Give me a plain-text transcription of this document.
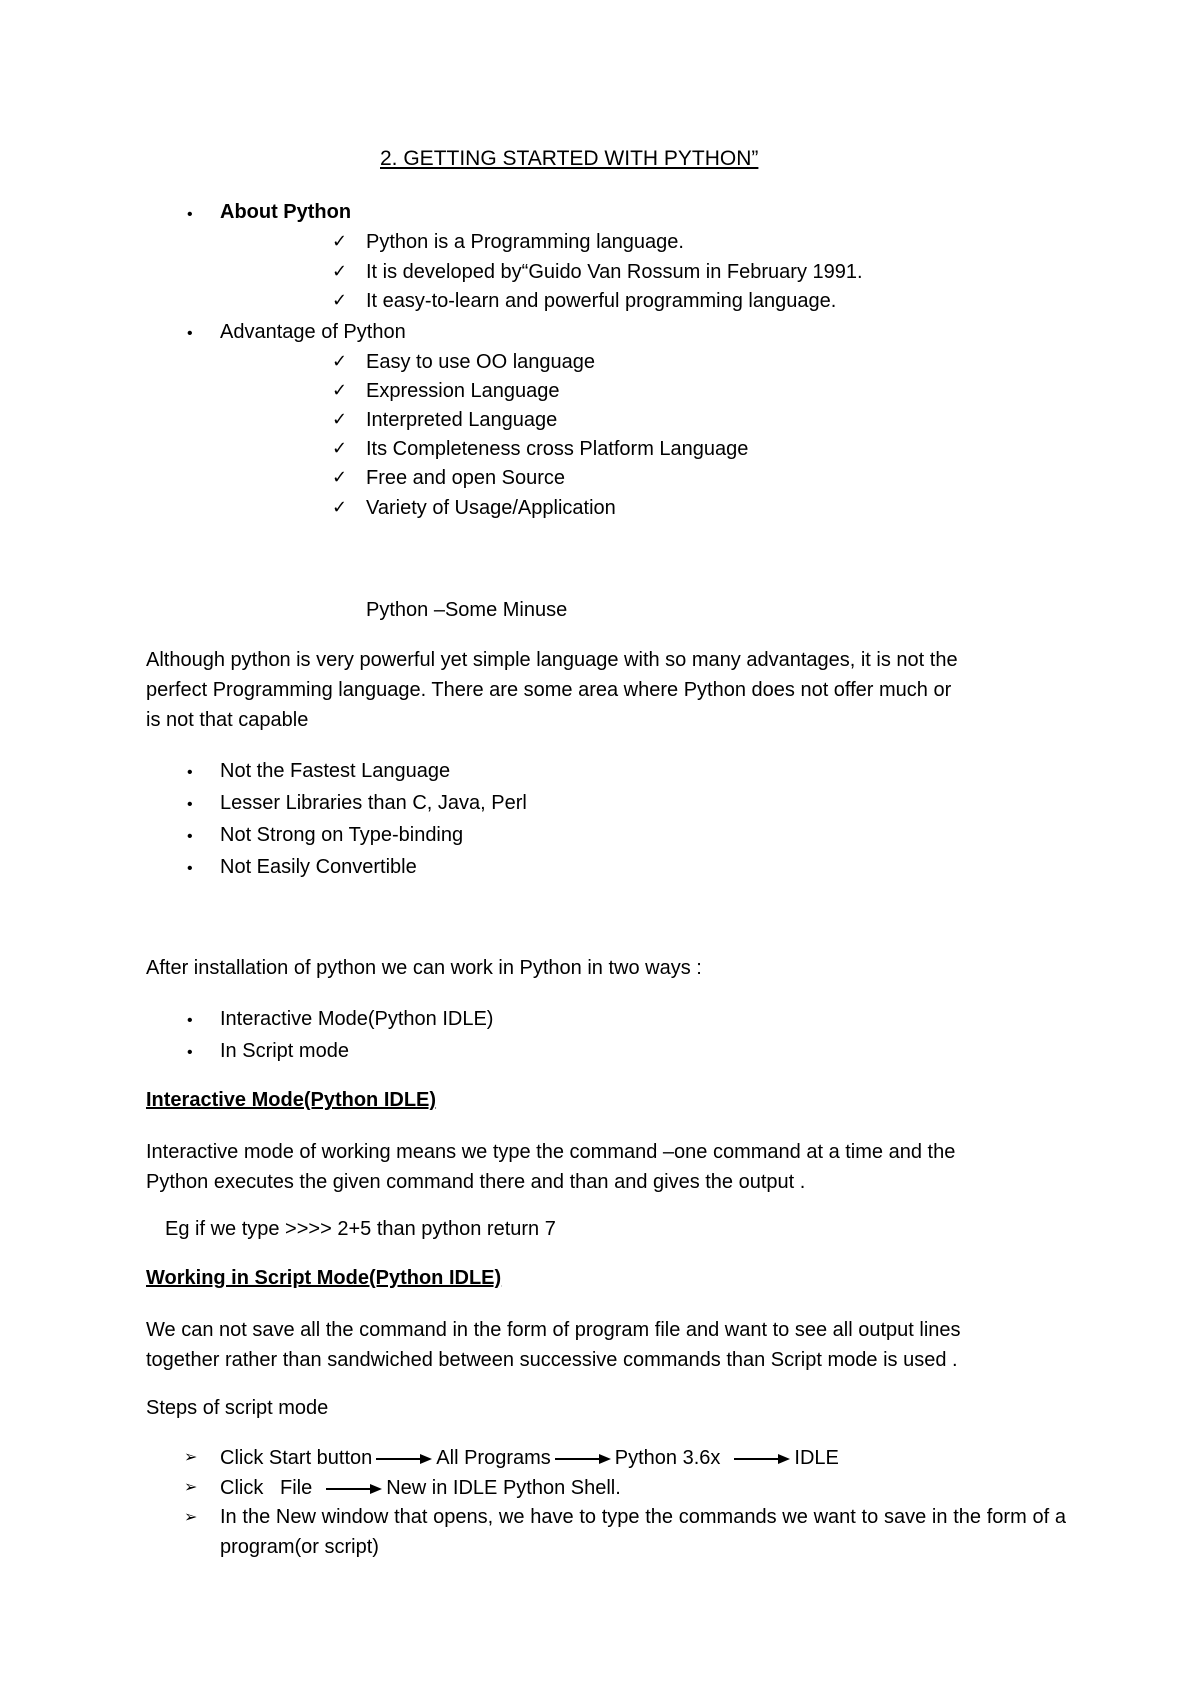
2. GETTING STARTED WITH PYTHON”
• About Python
✓ Python is a Programming language.
✓ It is developed by“Guido Van Rossum in February 1991.
✓ It easy-to-learn and powerful programming language.
• Advantage of Python
✓ Easy to use OO language
✓ Expression Language
✓ Interpreted Language
✓ Its Completeness cross Platform Language
✓ Free and open Source
✓ Variety of Usage/Application
Python –Some Minuse

Although python is very powerful yet simple language with so many advantages, it is not the

perfect Programming language. There are some area where Python does not offer much or

is not that capable

• Not the Fastest Language
• Lesser Libraries than C, Java, Perl
• Not Strong on Type-binding
• Not Easily Convertible
After installation of python we can work in Python in two ways :
• Interactive Mode(Python IDLE)
• In Script mode
Interactive Mode(Python IDLE)

Interactive mode of working means we type the command –one command at a time and the

Python executes the given command there and than and gives the output .

Eg if we type >>>> 2+5 than python return 7
Working in Script Mode(Python IDLE)

We can not save all the command in the form of program file and want to see all output lines

together rather than sandwiched between successive commands than Script mode is used .

Steps of script mode
➢ Click Start button	All Programs	Python 3.6x	IDLE
➢ Click   File	New in IDLE Python Shell.
➢ In the New window that opens, we have to type the commands we want to save in the form of a program(or script)
